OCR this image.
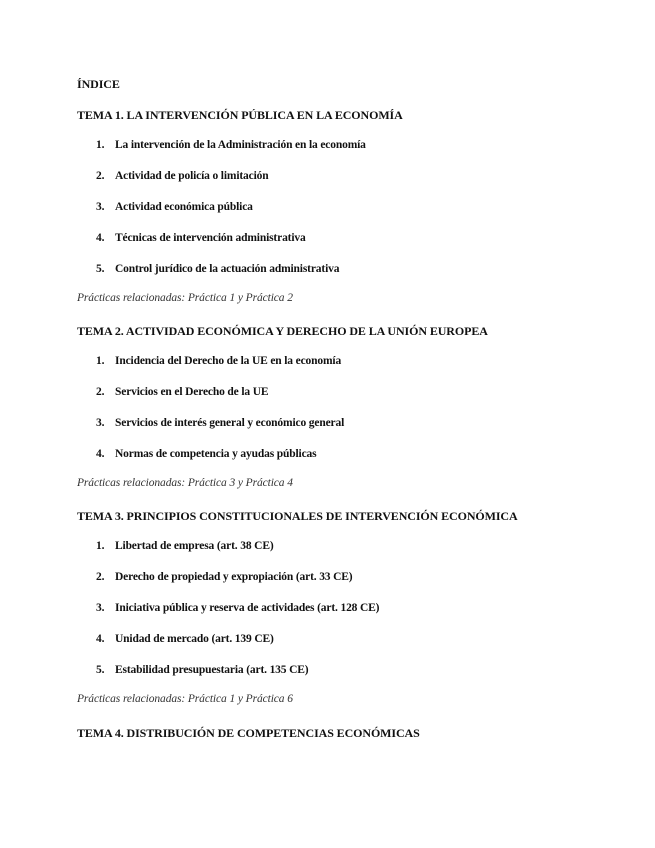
ÍNDICE
TEMA 1. LA INTERVENCIÓN PÚBLICA EN LA ECONOMÍA
1. La intervención de la Administración en la economía
2. Actividad de policía o limitación
3. Actividad económica pública
4. Técnicas de intervención administrativa
5. Control jurídico de la actuación administrativa
Prácticas relacionadas: Práctica 1 y Práctica 2
TEMA 2. ACTIVIDAD ECONÓMICA Y DERECHO DE LA UNIÓN EUROPEA
1. Incidencia del Derecho de la UE en la economía
2. Servicios en el Derecho de la UE
3. Servicios de interés general y económico general
4. Normas de competencia y ayudas públicas
Prácticas relacionadas: Práctica 3 y Práctica 4
TEMA 3. PRINCIPIOS CONSTITUCIONALES DE INTERVENCIÓN ECONÓMICA
1. Libertad de empresa (art. 38 CE)
2. Derecho de propiedad y expropiación (art. 33 CE)
3. Iniciativa pública y reserva de actividades (art. 128 CE)
4. Unidad de mercado (art. 139 CE)
5. Estabilidad presupuestaria (art. 135 CE)
Prácticas relacionadas: Práctica 1 y Práctica 6
TEMA 4. DISTRIBUCIÓN DE COMPETENCIAS ECONÓMICAS
